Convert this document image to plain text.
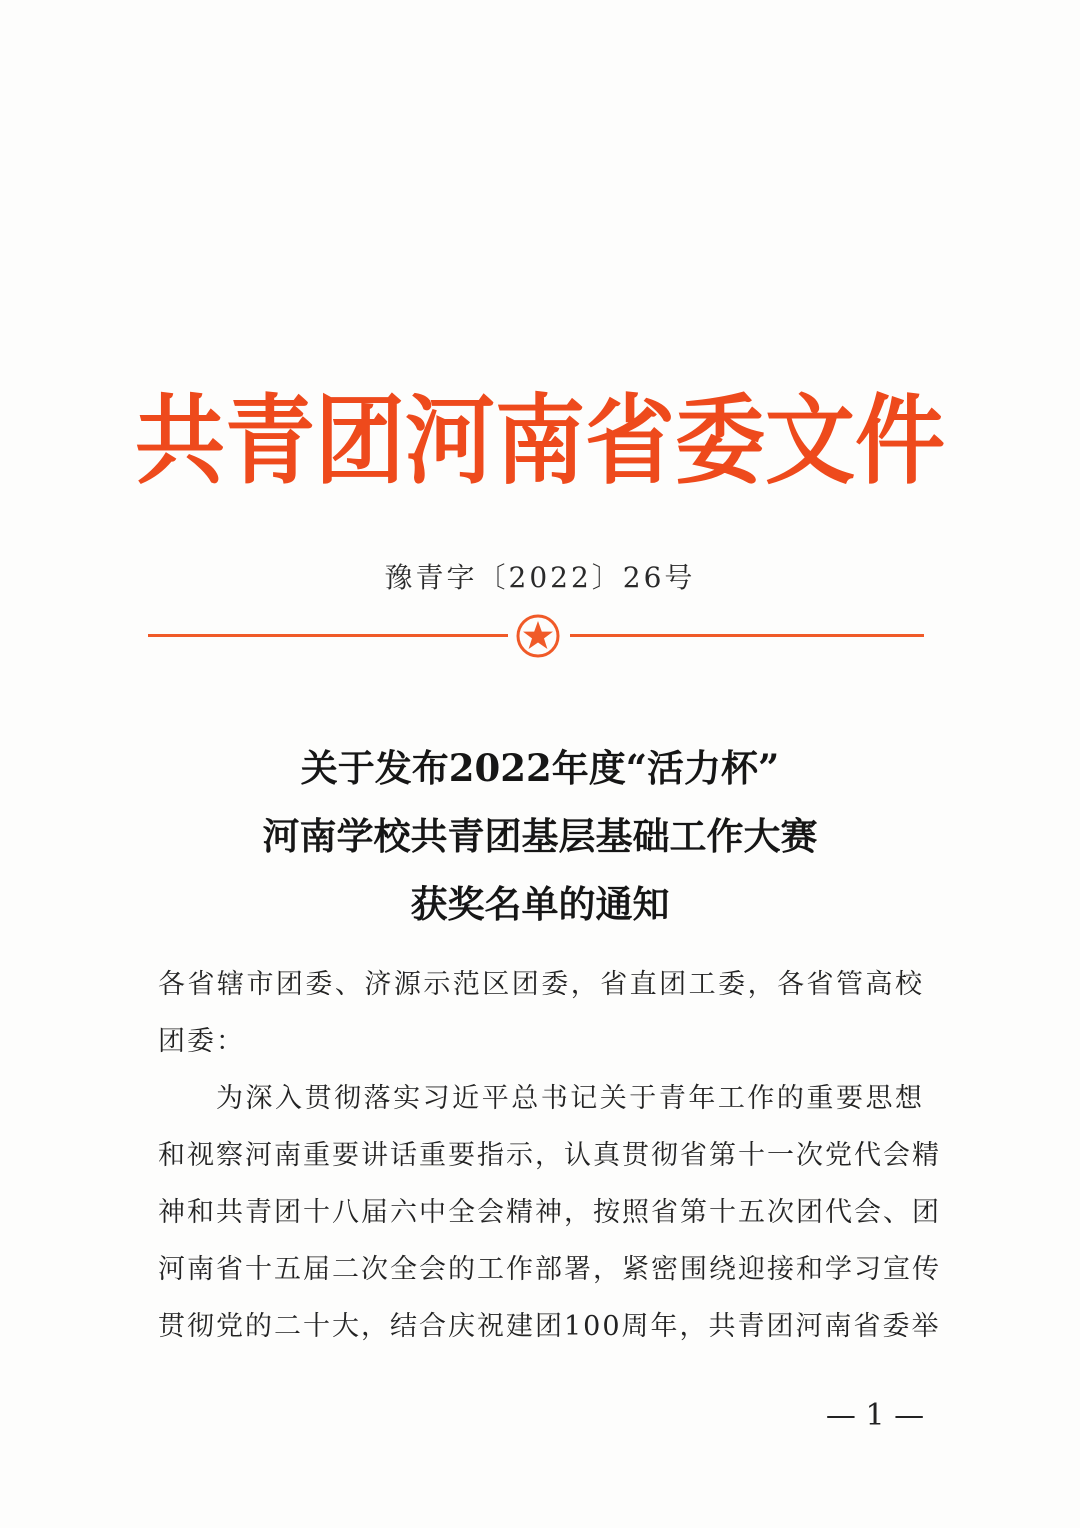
共青团河南省委文件
豫青字〔2022〕26号
关于发布2022年度“活力杯”
河南学校共青团基层基础工作大赛
获奖名单的通知
各省辖市团委、济源示范区团委，省直团工委，各省管高校
团委：
为深入贯彻落实习近平总书记关于青年工作的重要思想
和视察河南重要讲话重要指示，认真贯彻省第十一次党代会精
神和共青团十八届六中全会精神，按照省第十五次团代会、团
河南省十五届二次全会的工作部署，紧密围绕迎接和学习宣传
贯彻党的二十大，结合庆祝建团100周年，共青团河南省委举
— 1 —
